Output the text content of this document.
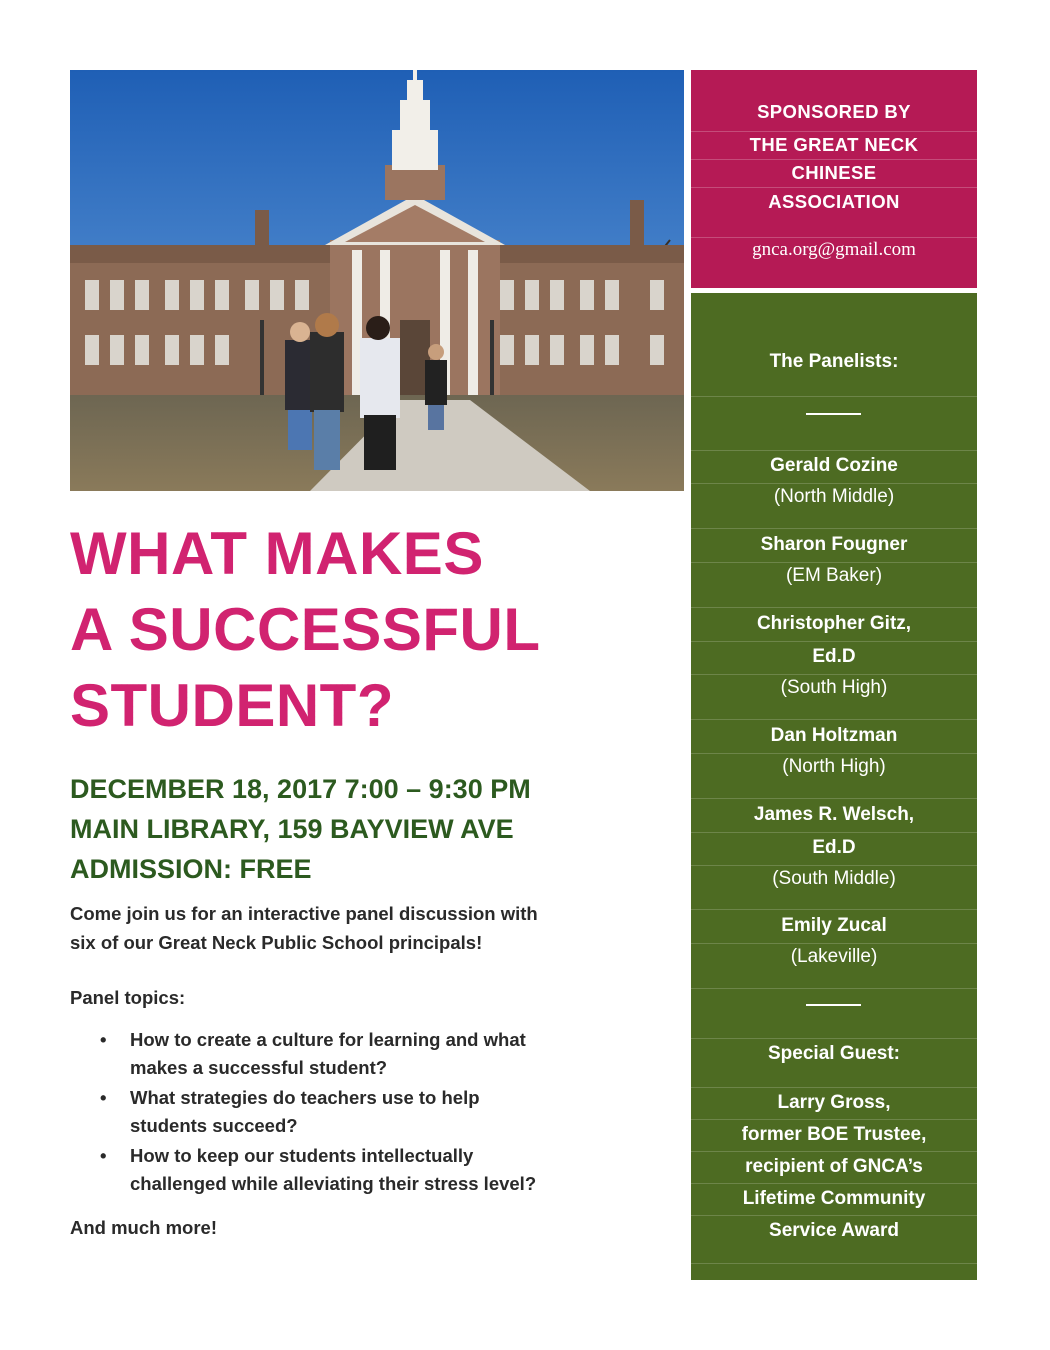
WHAT MAKES
A SUCCESSFUL
STUDENT?
DECEMBER 18, 2017 7:00 – 9:30 PM
MAIN LIBRARY, 159 BAYVIEW AVE
ADMISSION: FREE
Come join us for an interactive panel discussion with
six of our Great Neck Public School principals!
Panel topics:
• How to create a culture for learning and what
makes a successful student?
• What strategies do teachers use to help
students succeed?
• How to keep our students intellectually
challenged while alleviating their stress level?
And much more!
SPONSORED BY
THE GREAT NECK
CHINESE
ASSOCIATION
gnca.org@gmail.com
The Panelists:
Gerald Cozine
(North Middle)
Sharon Fougner
(EM Baker)
Christopher Gitz,
Ed.D
(South High)
Dan Holtzman
(North High)
James R. Welsch,
Ed.D
(South Middle)
Emily Zucal
(Lakeville)
Special Guest:
Larry Gross,
former BOE Trustee,
recipient of GNCA’s
Lifetime Community
Service Award
